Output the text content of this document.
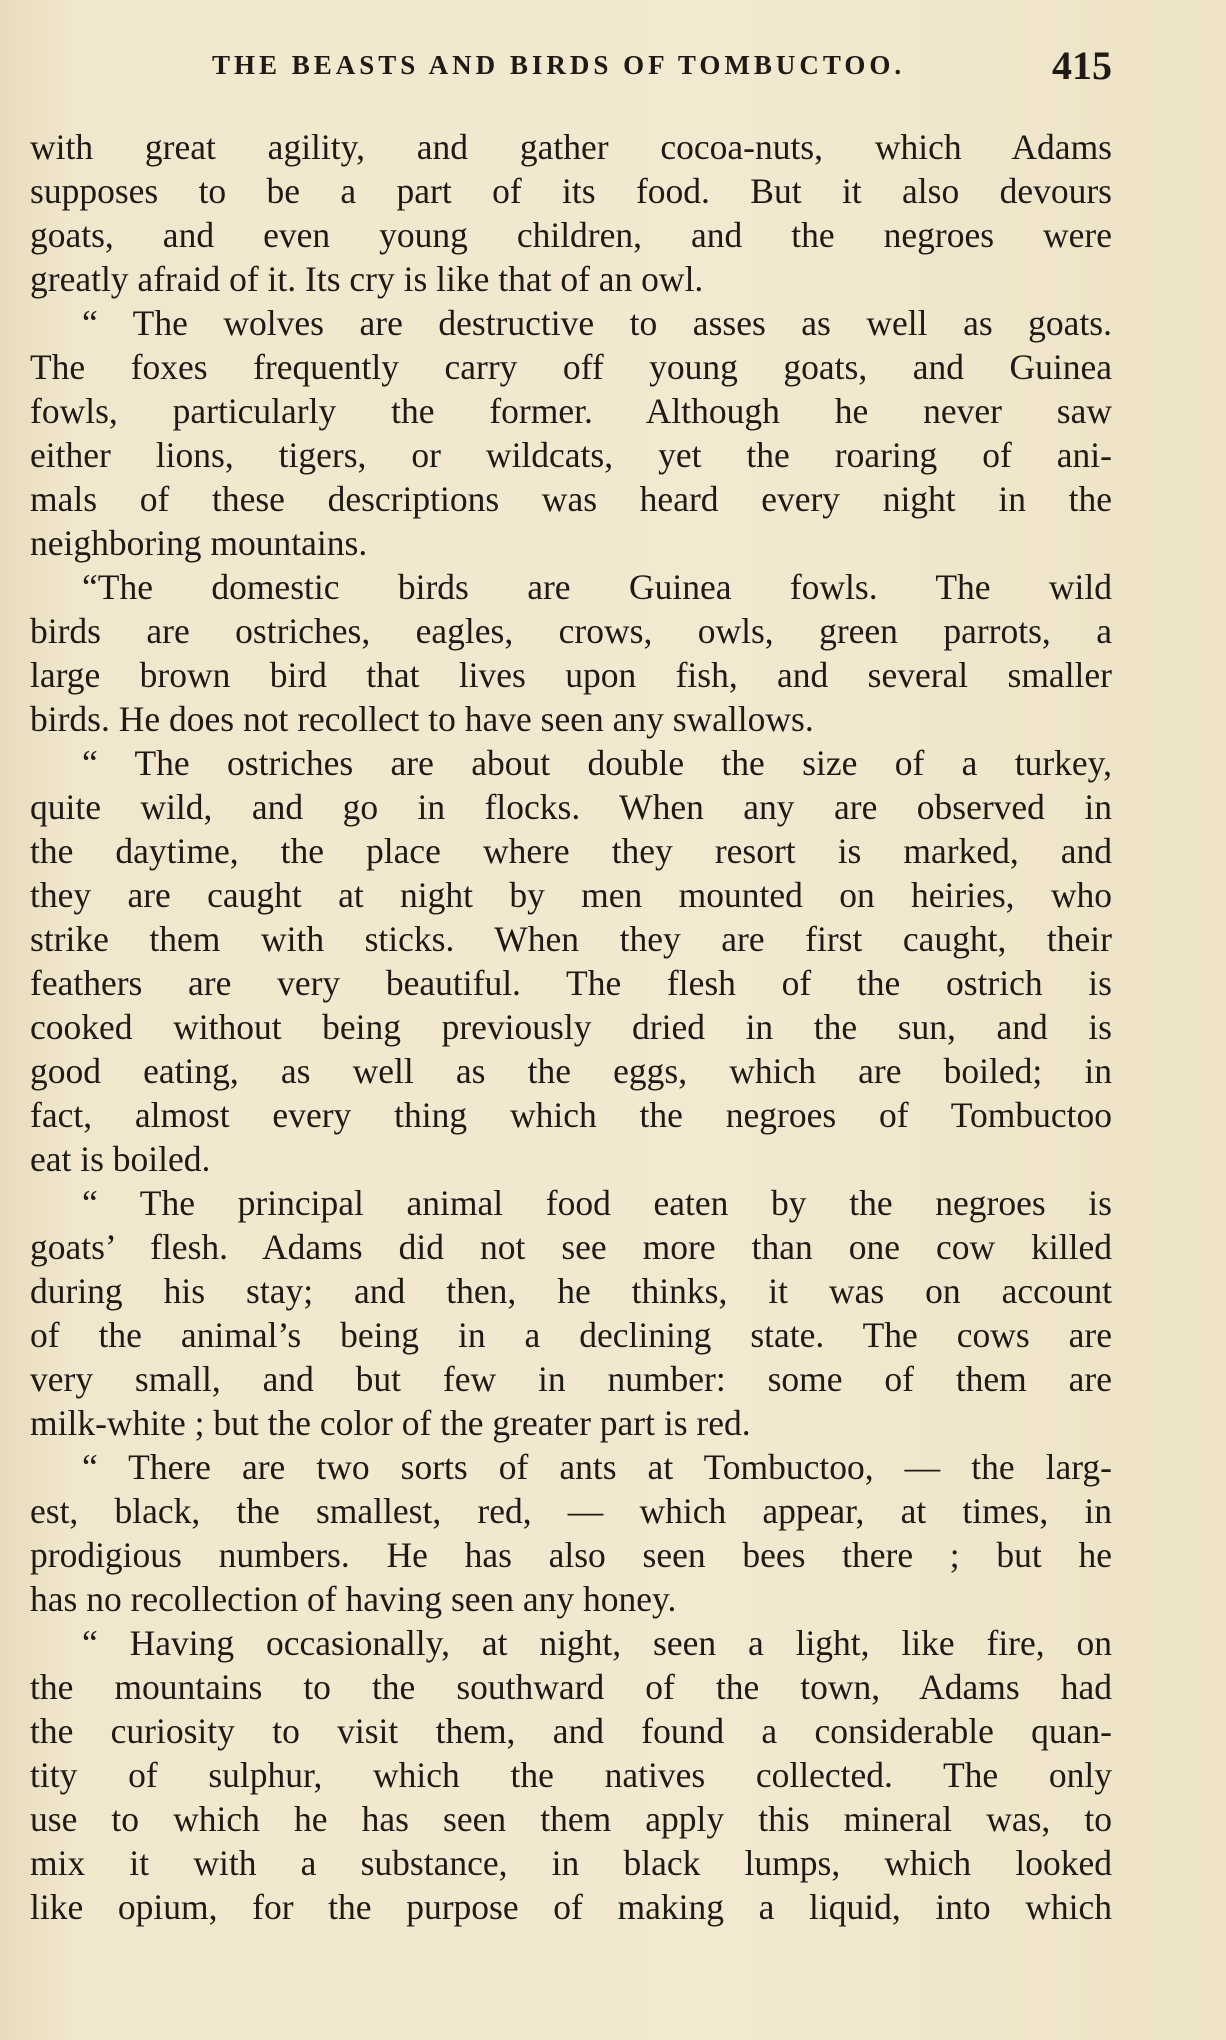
THE BEASTS AND BIRDS OF TOMBUCTOO.	415
with great agility, and gather cocoa-nuts, which Adams
supposes to be a part of its food. But it also devours
goats, and even young children, and the negroes were
greatly afraid of it. Its cry is like that of an owl.
“ The wolves are destructive to asses as well as goats.
The foxes frequently carry off young goats, and Guinea
fowls, particularly the former. Although he never saw
either lions, tigers, or wildcats, yet the roaring of ani-
mals of these descriptions was heard every night in the
neighboring mountains.
“The domestic birds are Guinea fowls. The wild
birds are ostriches, eagles, crows, owls, green parrots, a
large brown bird that lives upon fish, and several smaller
birds. He does not recollect to have seen any swallows.
“ The ostriches are about double the size of a turkey,
quite wild, and go in flocks. When any are observed in
the daytime, the place where they resort is marked, and
they are caught at night by men mounted on heiries, who
strike them with sticks. When they are first caught, their
feathers are very beautiful. The flesh of the ostrich is
cooked without being previously dried in the sun, and is
good eating, as well as the eggs, which are boiled; in
fact, almost every thing which the negroes of Tombuctoo
eat is boiled.
“ The principal animal food eaten by the negroes is
goats’ flesh. Adams did not see more than one cow killed
during his stay; and then, he thinks, it was on account
of the animal’s being in a declining state. The cows are
very small, and but few in number: some of them are
milk-white ; but the color of the greater part is red.
“ There are two sorts of ants at Tombuctoo, — the larg-
est, black, the smallest, red, — which appear, at times, in
prodigious numbers. He has also seen bees there ; but he
has no recollection of having seen any honey.
“ Having occasionally, at night, seen a light, like fire, on
the mountains to the southward of the town, Adams had
the curiosity to visit them, and found a considerable quan-
tity of sulphur, which the natives collected. The only
use to which he has seen them apply this mineral was, to
mix it with a substance, in black lumps, which looked
like opium, for the purpose of making a liquid, into which
